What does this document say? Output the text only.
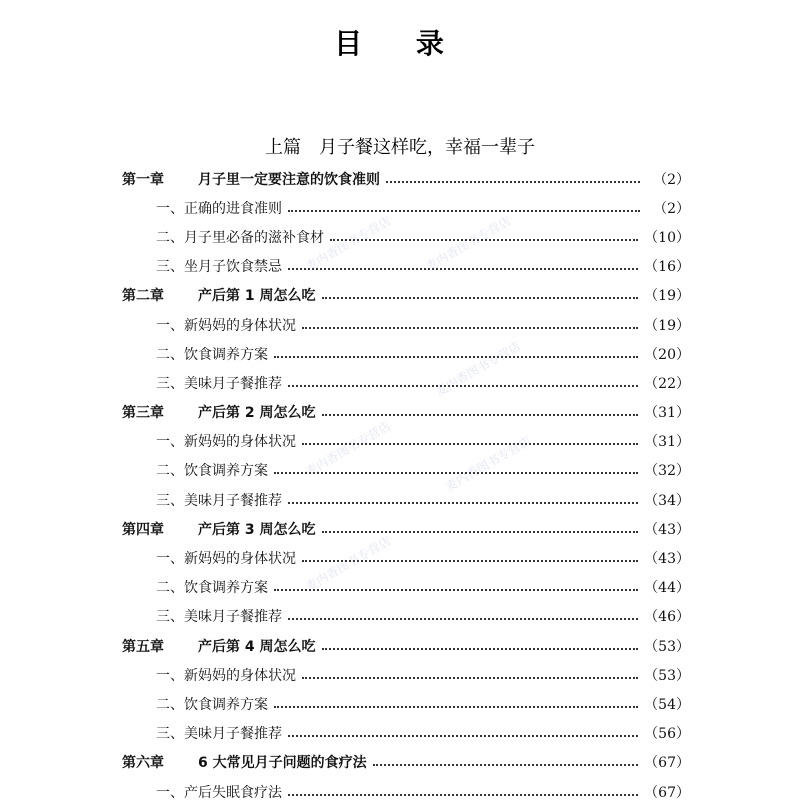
目 录
上篇　月子餐这样吃，幸福一辈子
第一章	月子里一定要注意的饮食准则	（2）
一、正确的进食准则	（2）
二、月子里必备的滋补食材	（10）
三、坐月子饮食禁忌	（16）
第二章	产后第 1 周怎么吃	（19）
一、新妈妈的身体状况	（19）
二、饮食调养方案	（20）
三、美味月子餐推荐	（22）
第三章	产后第 2 周怎么吃	（31）
一、新妈妈的身体状况	（31）
二、饮食调养方案	（32）
三、美味月子餐推荐	（34）
第四章	产后第 3 周怎么吃	（43）
一、新妈妈的身体状况	（43）
二、饮食调养方案	（44）
三、美味月子餐推荐	（46）
第五章	产后第 4 周怎么吃	（53）
一、新妈妈的身体状况	（53）
二、饮食调养方案	（54）
三、美味月子餐推荐	（56）
第六章	6 大常见月子问题的食疗法	（67）
一、产后失眠食疗法	（67）
麦内香图书专营店 麦内香图书专营店
麦内香图书专营店
麦内香图书专营店	麦内香图书专营店
麦内香图书专营店
